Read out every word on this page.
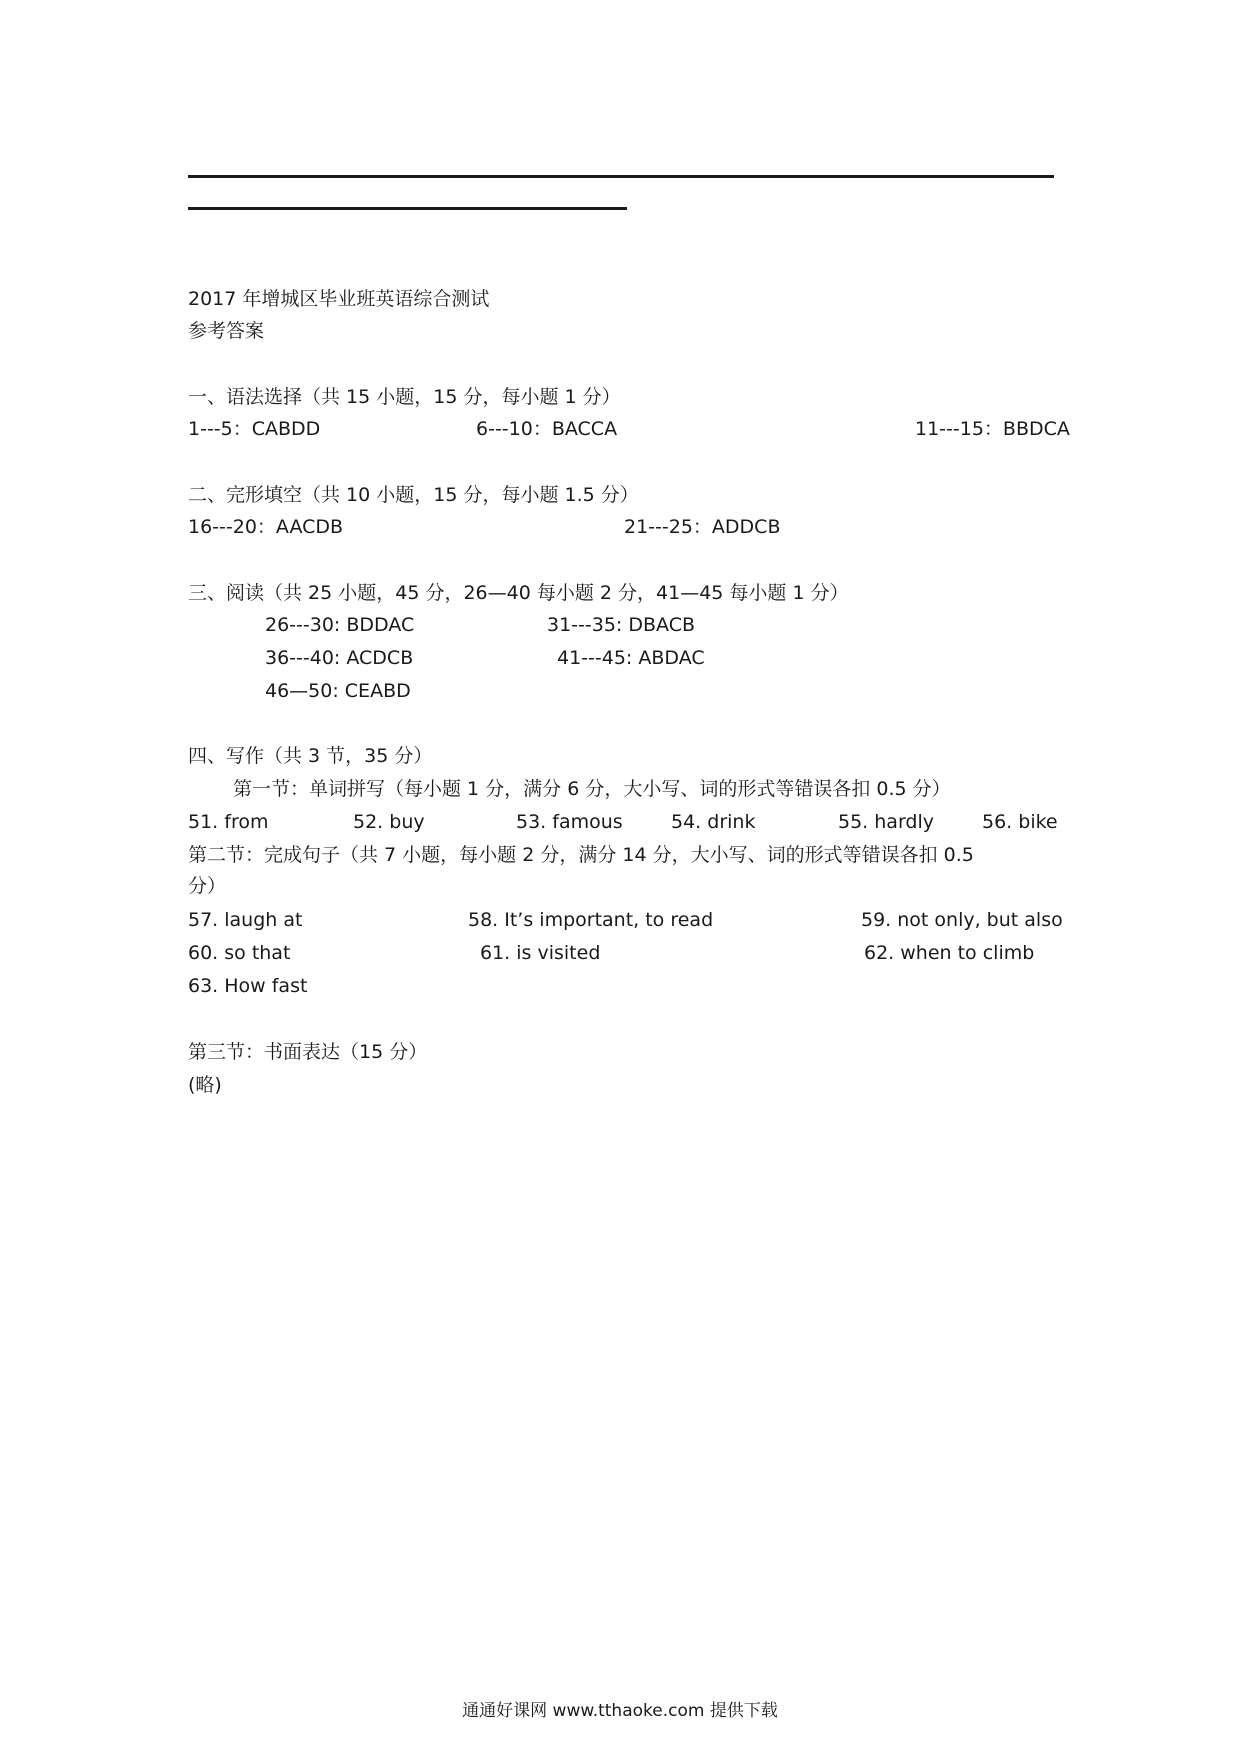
2017 年增城区毕业班英语综合测试
参考答案
一、语法选择（共 15 小题，15 分，每小题 1 分）
1---5：CABDD	6---10：BACCA	11---15：BBDCA
二、完形填空（共 10 小题，15 分，每小题 1.5 分）
16---20：AACDB	21---25：ADDCB
三、阅读（共 25 小题，45 分，26—40 每小题 2 分，41—45 每小题 1 分）
26---30: BDDAC	31---35: DBACB
36---40: ACDCB	41---45: ABDAC
46—50: CEABD
四、写作（共 3 节，35 分）
第一节：单词拼写（每小题 1 分，满分 6 分，大小写、词的形式等错误各扣 0.5 分）
51. from	52. buy	53. famous	54. drink	55. hardly	56. bike
第二节：完成句子（共 7 小题，每小题 2 分，满分 14 分，大小写、词的形式等错误各扣 0.5
分）
57. laugh at	58. It’s important, to read	59. not only, but also
60. so that	61. is visited	62. when to climb
63. How fast
第三节：书面表达（15 分）
(略)
通通好课网 www.tthaoke.com 提供下载
